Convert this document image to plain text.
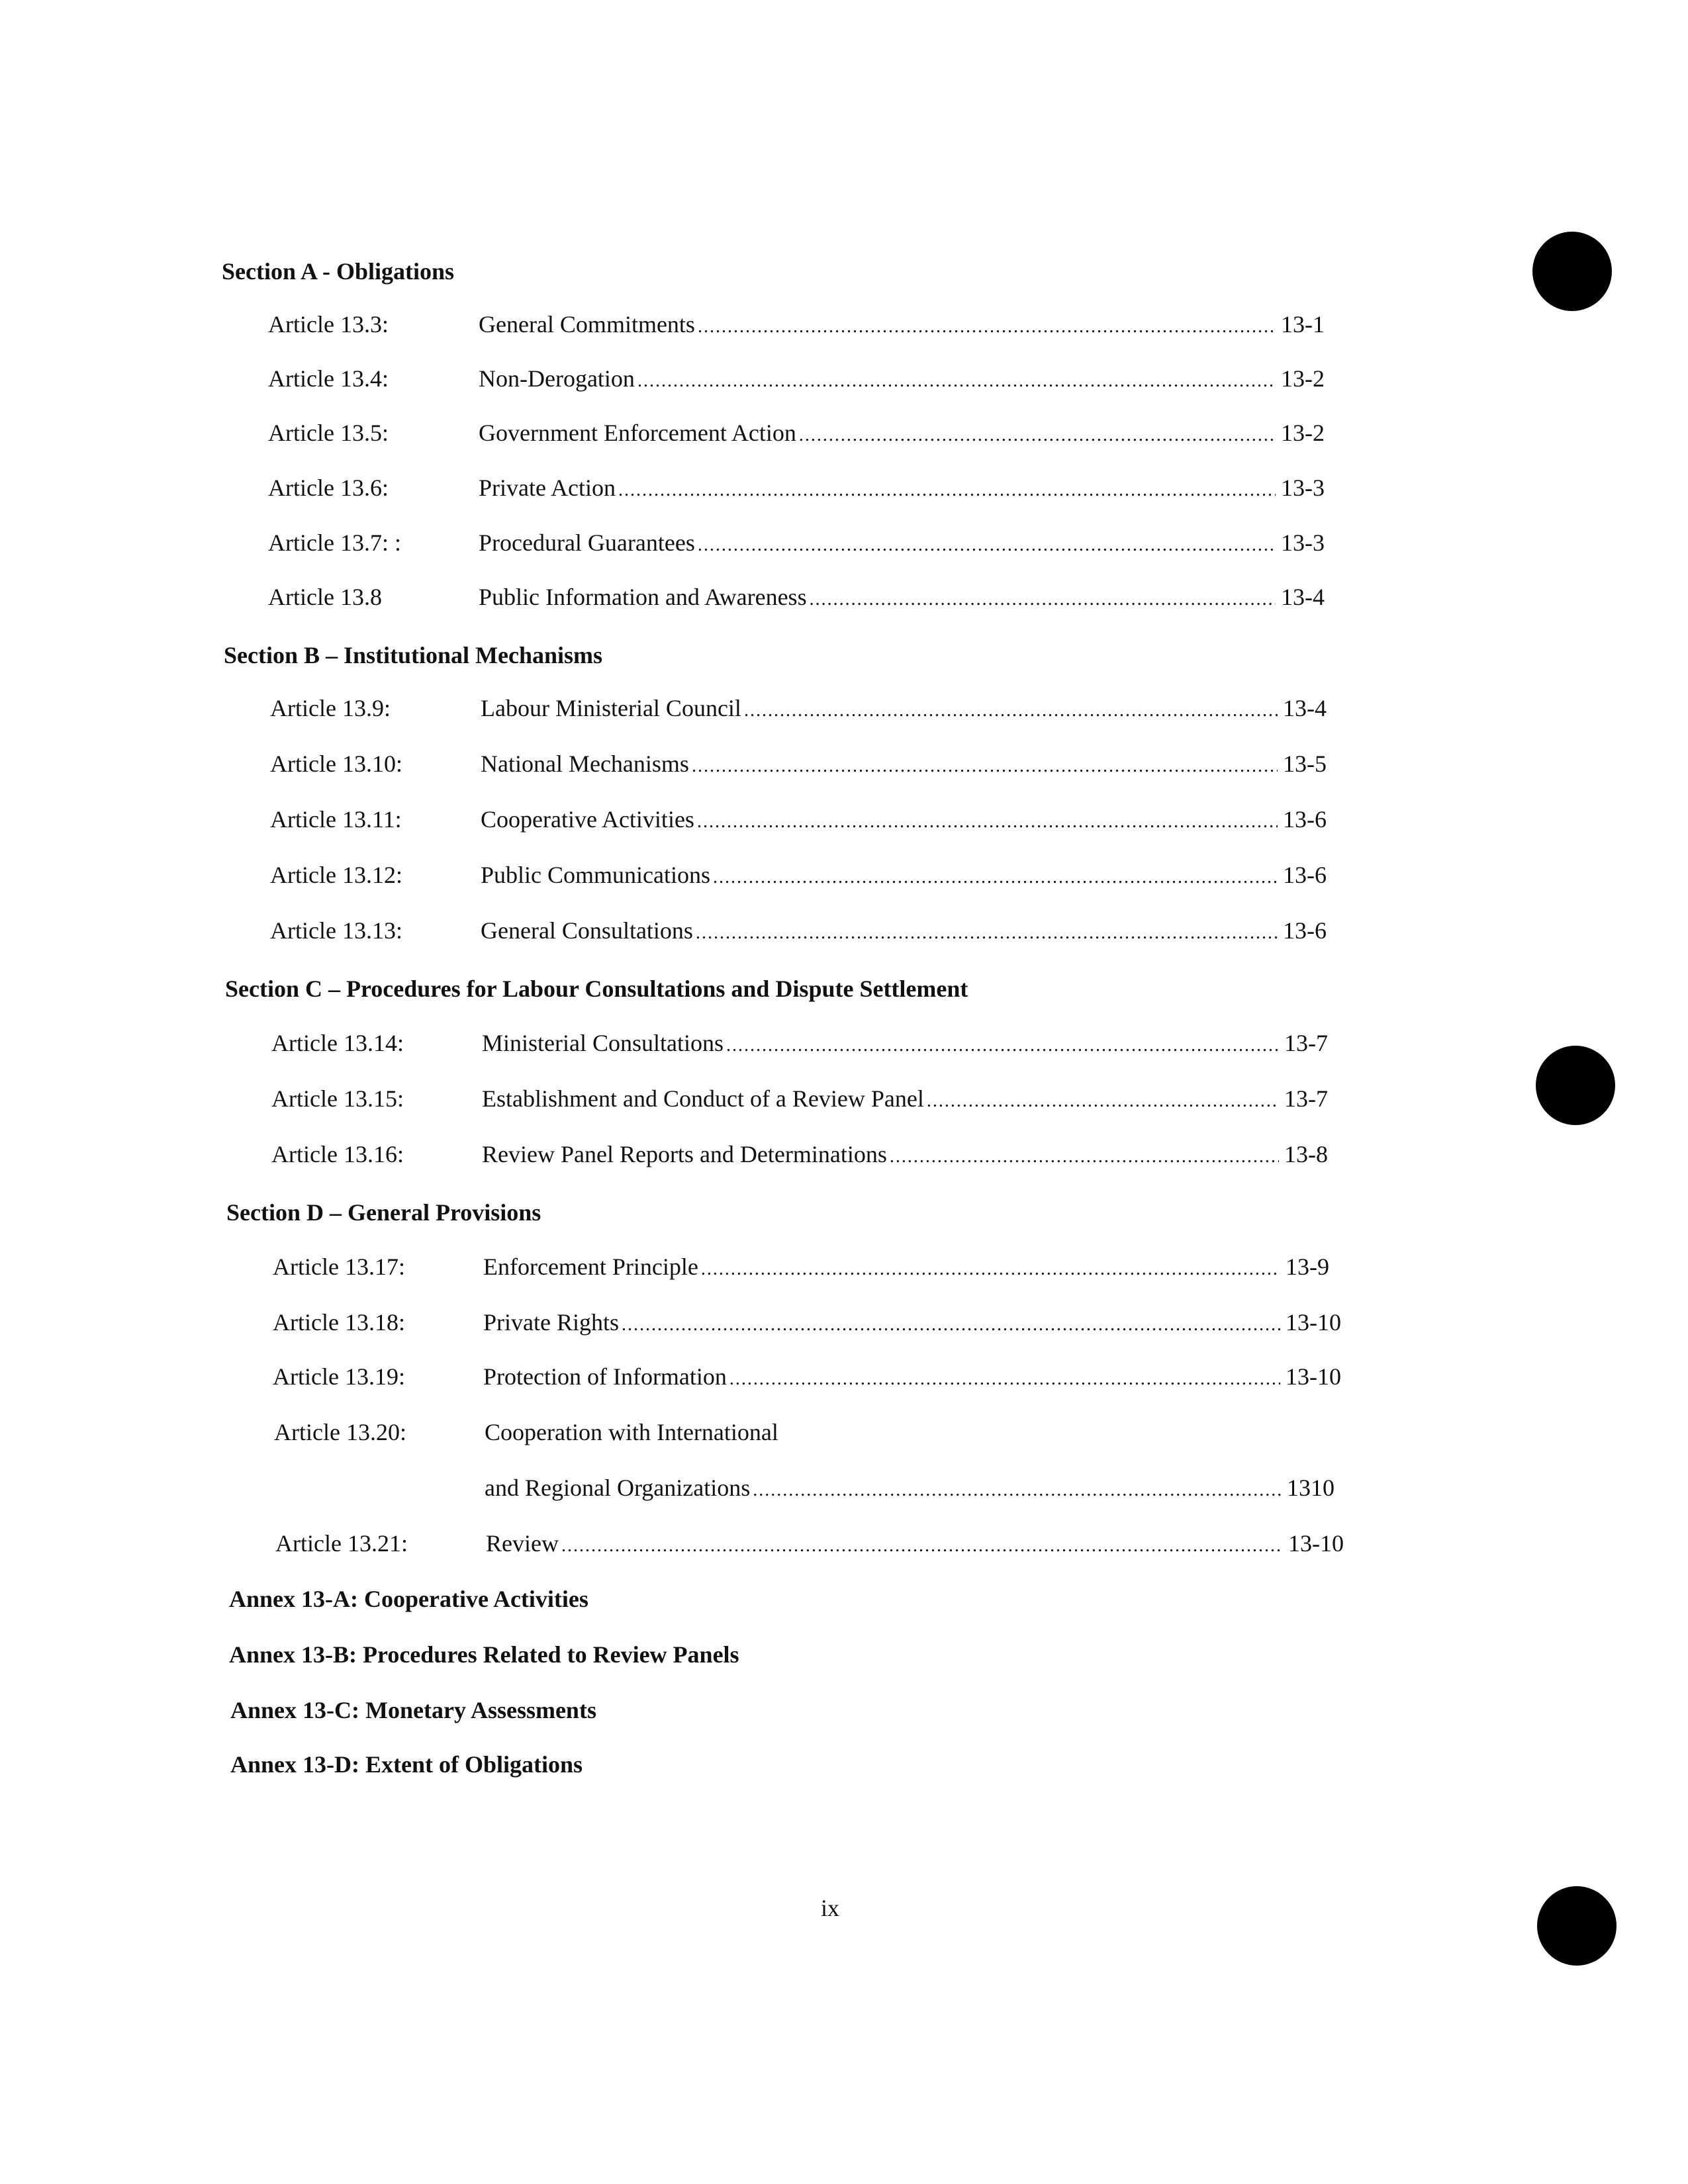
Section A - Obligations
Article 13.3:	General Commitments .....	13-1
Article 13.4:	Non-Derogation .....	13-2
Article 13.5:	Government Enforcement Action .....	13-2
Article 13.6:	Private Action .....	13-3
Article 13.7: :	Procedural Guarantees .....	13-3
Article 13.8	Public Information and Awareness .....	13-4
Section B – Institutional Mechanisms
Article 13.9:	Labour Ministerial Council .....	13-4
Article 13.10:	National Mechanisms .....	13-5
Article 13.11:	Cooperative Activities .....	13-6
Article 13.12:	Public Communications .....	13-6
Article 13.13:	General Consultations .....	13-6
Section C – Procedures for Labour Consultations and Dispute Settlement
Article 13.14:	Ministerial Consultations .....	13-7
Article 13.15:	Establishment and Conduct of a Review Panel .....	13-7
Article 13.16:	Review Panel Reports and Determinations .....	13-8
Section D – General Provisions
Article 13.17:	Enforcement Principle .....	13-9
Article 13.18:	Private Rights .....	13-10
Article 13.19:	Protection of Information .....	13-10
Article 13.20:	Cooperation with International
and Regional Organizations .....	1310
Article 13.21:	Review .....	13-10
Annex 13-A: Cooperative Activities
Annex 13-B: Procedures Related to Review Panels
Annex 13-C: Monetary Assessments
Annex 13-D: Extent of Obligations
ix
